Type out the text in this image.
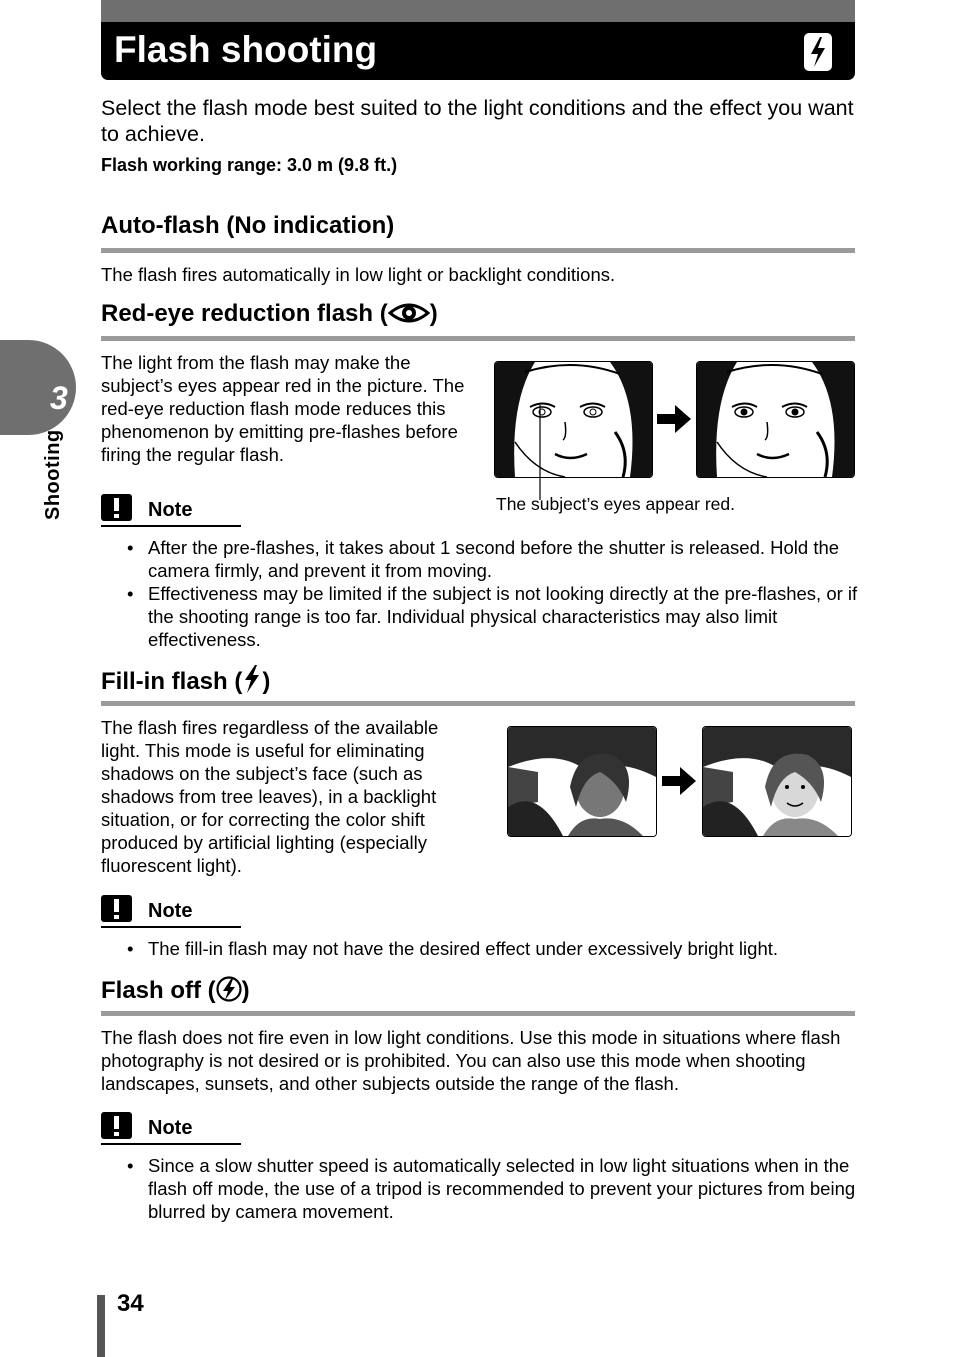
Flash shooting
Select the flash mode best suited to the light conditions and the effect you want to achieve.
Flash working range: 3.0 m (9.8 ft.)
Auto-flash (No indication)
The flash fires automatically in low light or backlight conditions.
Red-eye reduction flash ( )
The light from the flash may make the subject’s eyes appear red in the picture. The red-eye reduction flash mode reduces this phenomenon by emitting pre-flashes before firing the regular flash.
The subject’s eyes appear red.
Note
• After the pre-flashes, it takes about 1 second before the shutter is released. Hold the camera firmly, and prevent it from moving.
• Effectiveness may be limited if the subject is not looking directly at the pre-flashes, or if the shooting range is too far. Individual physical characteristics may also limit effectiveness.
Fill-in flash ( )
The flash fires regardless of the available light. This mode is useful for eliminating shadows on the subject’s face (such as shadows from tree leaves), in a backlight situation, or for correcting the color shift produced by artificial lighting (especially fluorescent light).
Note
• The fill-in flash may not have the desired effect under excessively bright light.
Flash off ( )
The flash does not fire even in low light conditions. Use this mode in situations where flash photography is not desired or is prohibited. You can also use this mode when shooting landscapes, sunsets, and other subjects outside the range of the flash.
Note
• Since a slow shutter speed is automatically selected in low light situations when in the flash off mode, the use of a tripod is recommended to prevent your pictures from being blurred by camera movement.
3
Shooting
34
